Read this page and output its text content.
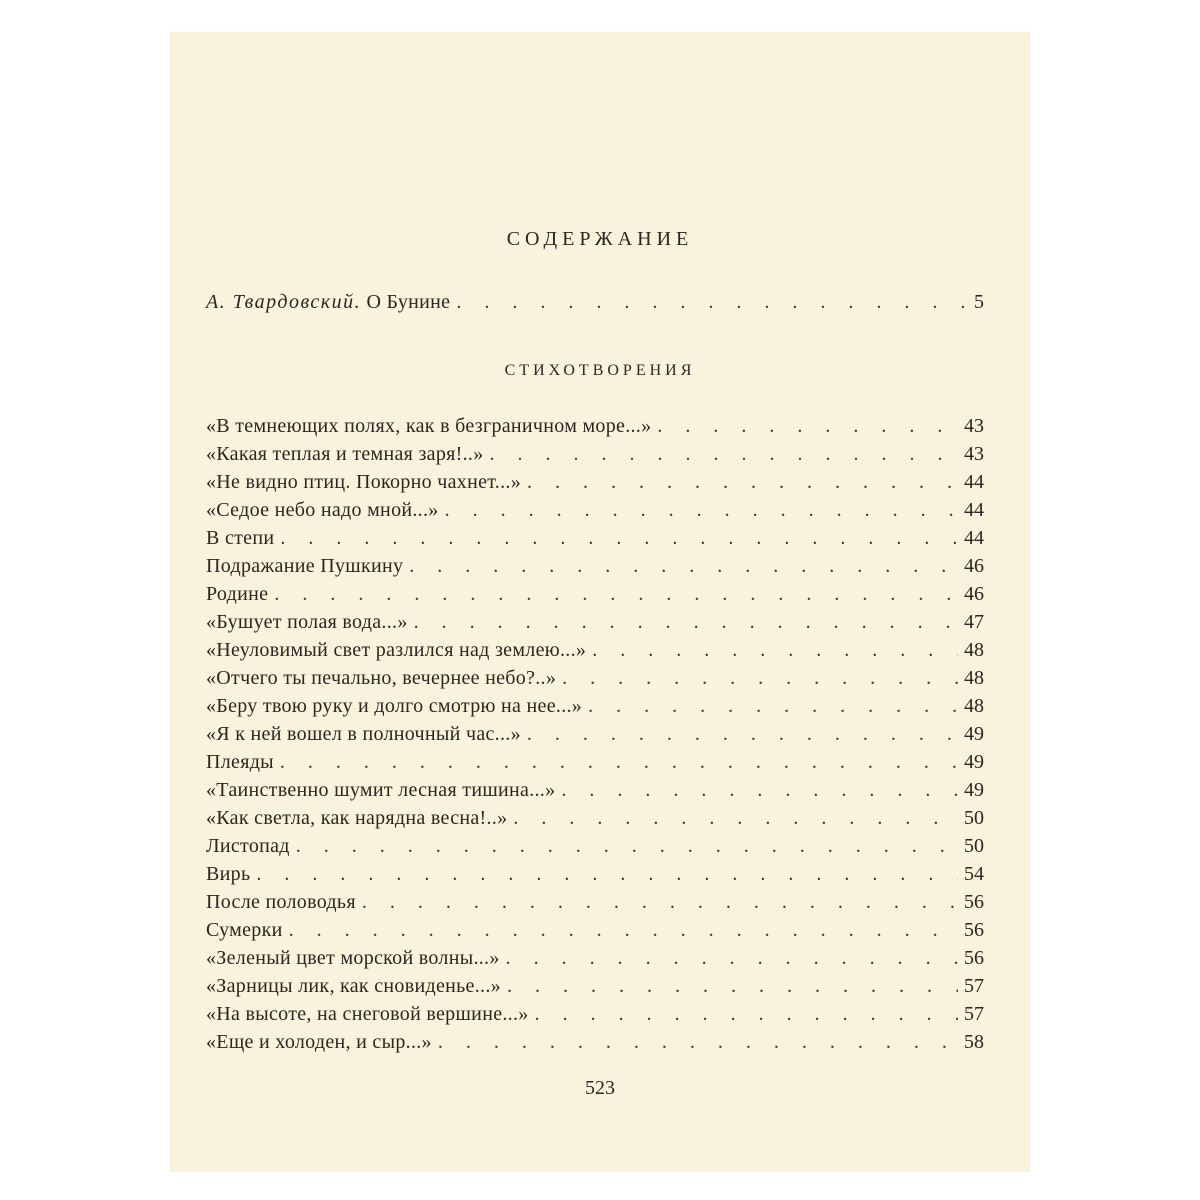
СОДЕРЖАНИЕ
А. Твардовский. О Бунине . . .	5
СТИХОТВОРЕНИЯ
«В темнеющих полях, как в безграничном море...» . . .	43
«Какая теплая и темная заря!..» . . .	43
«Не видно птиц. Покорно чахнет...» . . .	44
«Седое небо надо мной...» . . .	44
В степи . . .	44
Подражание Пушкину . . .	46
Родине . . .	46
«Бушует полая вода...» . . .	47
«Неуловимый свет разлился над землею...» . . .	48
«Отчего ты печально, вечернее небо?..» . . .	48
«Беру твою руку и долго смотрю на нее...» . . .	48
«Я к ней вошел в полночный час...» . . .	49
Плеяды . . .	49
«Таинственно шумит лесная тишина...» . . .	49
«Как светла, как нарядна весна!..» . . .	50
Листопад . . .	50
Вирь . . .	54
После половодья . . .	56
Сумерки . . .	56
«Зеленый цвет морской волны...» . . .	56
«Зарницы лик, как сновиденье...» . . .	57
«На высоте, на снеговой вершине...» . . .	57
«Еще и холоден, и сыр...» . . .	58
523
